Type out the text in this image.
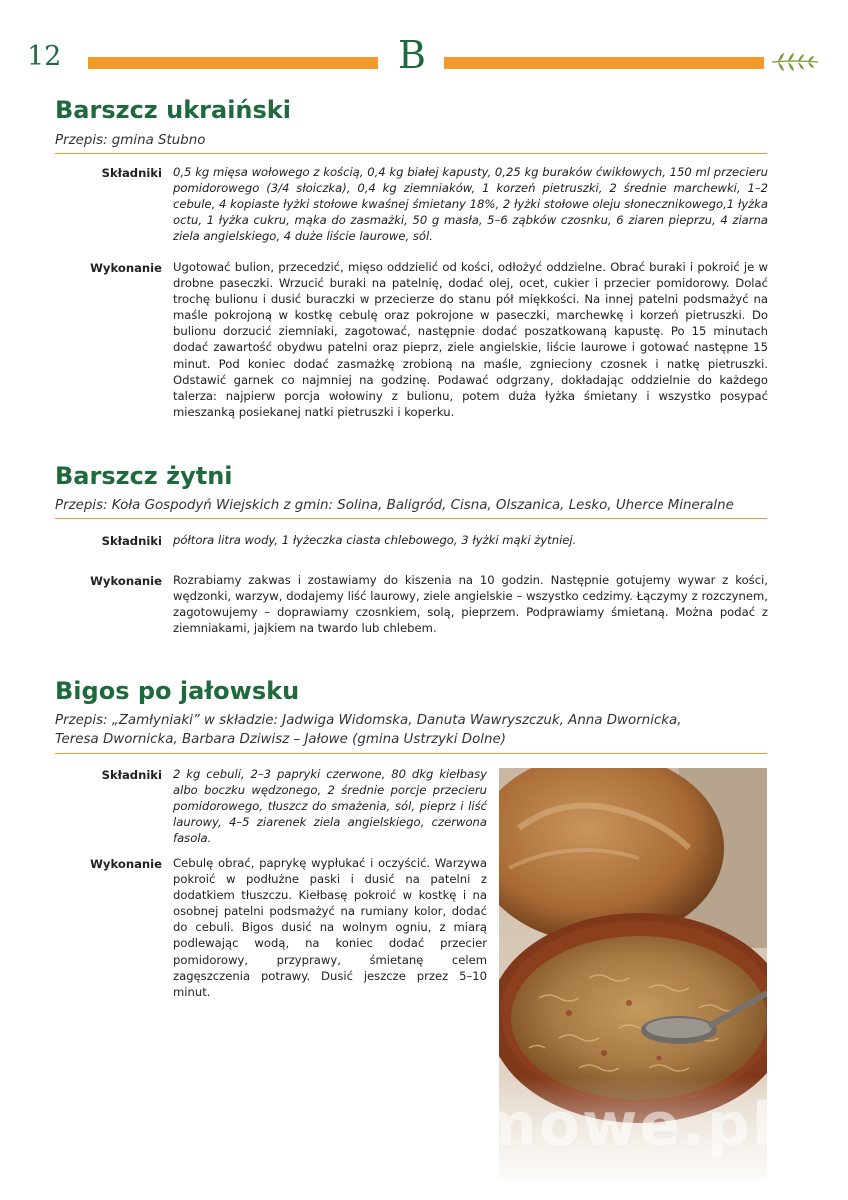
12	B
Barszcz ukraiński

Przepis: gmina Stubno

Składniki 0,5 kg mięsa wołowego z kością, 0,4 kg białej kapusty, 0,25 kg buraków ćwikłowych, 150 ml przecieru pomidorowego (3/4 słoiczka), 0,4 kg ziemniaków, 1 korzeń pietruszki, 2 średnie marchewki, 1–2 cebule, 4 kopiaste łyżki stołowe kwaśnej śmietany 18%, 2 łyżki stołowe oleju słonecznikowego,1 łyżka octu, 1 łyżka cukru, mąka do zasmażki, 50 g masła, 5–6 ząbków czosnku, 6 ziaren pieprzu, 4 ziarna ziela angielskiego, 4 duże liście laurowe, sól.

Wykonanie Ugotować bulion, przecedzić, mięso oddzielić od kości, odłożyć oddzielne. Obrać buraki i pokroić je w drobne paseczki. Wrzucić buraki na patelnię, dodać olej, ocet, cukier i przecier pomidorowy. Dolać trochę bulionu i dusić buraczki w przecierze do stanu pół miękkości. Na innej patelni podsmażyć na maśle pokrojoną w kostkę cebulę oraz pokrojone w paseczki, marchewkę i korzeń pietruszki. Do bulionu dorzucić ziemniaki, zagotować, następnie dodać poszatkowaną kapustę. Po 15 minutach dodać zawartość obydwu patelni oraz pieprz, ziele angielskie, liście laurowe i gotować następne 15 minut. Pod koniec dodać zasmażkę zrobioną na maśle, zgnieciony czosnek i natkę pietruszki. Odstawić garnek co najmniej na godzinę. Podawać odgrzany, dokładając oddzielnie do każdego talerza: najpierw porcja wołowiny z bulionu, potem duża łyżka śmietany i wszystko posypać mieszanką posiekanej natki pietruszki i koperku.

Barszcz żytni

Przepis: Koła Gospodyń Wiejskich z gmin: Solina, Baligród, Cisna, Olszanica, Lesko, Uherce Mineralne

Składniki półtora litra wody, 1 łyżeczka ciasta chlebowego, 3 łyżki mąki żytniej.

Wykonanie Rozrabiamy zakwas i zostawiamy do kiszenia na 10 godzin. Następnie gotujemy wywar z kości, wędzonki, warzyw, dodajemy liść laurowy, ziele angielskie – wszystko cedzimy. Łączymy z rozczynem, zagotowujemy – doprawiamy czosnkiem, solą, pieprzem. Podprawiamy śmietaną. Można podać z ziemniakami, jajkiem na twardo lub chlebem.

Bigos po jałowsku

Przepis: „Zamłyniaki” w składzie: Jadwiga Widomska, Danuta Wawryszczuk, Anna Dwornicka,

Teresa Dwornicka, Barbara Dziwisz – Jałowe (gmina Ustrzyki Dolne)

Składniki 2 kg cebuli, 2–3 papryki czerwone, 80 dkg kiełbasy albo boczku wędzonego, 2 średnie porcje przecieru pomidorowego, tłuszcz do smażenia, sól, pieprz i liść laurowy, 4–5 ziarenek ziela angielskiego, czerwona fasola.

Wykonanie Cebulę obrać, paprykę wypłukać i oczyścić. Warzywa pokroić w podłużne paski i dusić na patelni z dodatkiem tłuszczu. Kiełbasę pokroić w kostkę i na osobnej patelni podsmażyć na rumiany kolor, dodać do cebuli. Bigos dusić na wolnym ogniu, z miarą podlewając wodą, na koniec dodać przecier pomidorowy, przyprawy, śmietanę celem zagęszczenia potrawy. Dusić jeszcze przez 5–10 minut.

wedlinydomowe.pl
